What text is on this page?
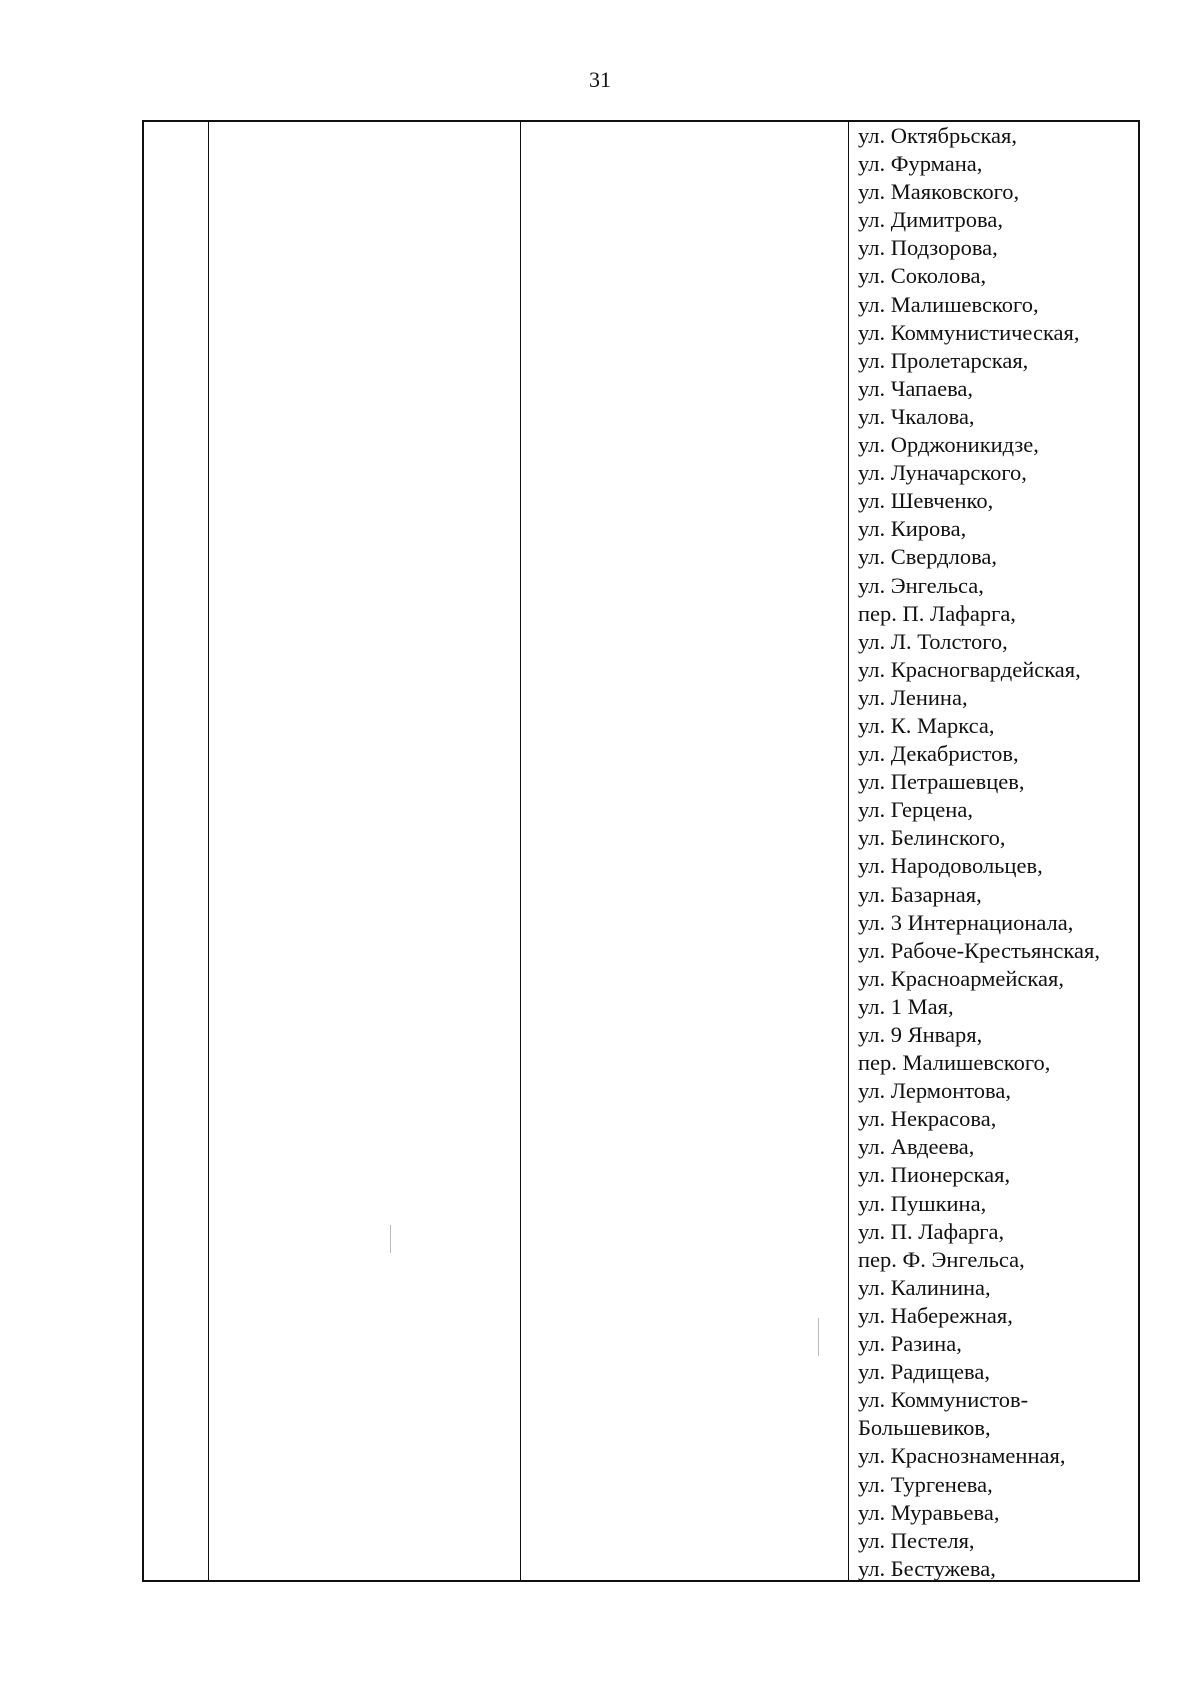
31
ул. Октябрьская,
ул. Фурмана,
ул. Маяковского,
ул. Димитрова,
ул. Подзорова,
ул. Соколова,
ул. Малишевского,
ул. Коммунистическая,
ул. Пролетарская,
ул. Чапаева,
ул. Чкалова,
ул. Орджоникидзе,
ул. Луначарского,
ул. Шевченко,
ул. Кирова,
ул. Свердлова,
ул. Энгельса,
пер. П. Лафарга,
ул. Л. Толстого,
ул. Красногвардейская,
ул. Ленина,
ул. К. Маркса,
ул. Декабристов,
ул. Петрашевцев,
ул. Герцена,
ул. Белинского,
ул. Народовольцев,
ул. Базарная,
ул. 3 Интернационала,
ул. Рабоче-Крестьянская,
ул. Красноармейская,
ул. 1 Мая,
ул. 9 Января,
пер. Малишевского,
ул. Лермонтова,
ул. Некрасова,
ул. Авдеева,
ул. Пионерская,
ул. Пушкина,
ул. П. Лафарга,
пер. Ф. Энгельса,
ул. Калинина,
ул. Набережная,
ул. Разина,
ул. Радищева,
ул. Коммунистов-
Большевиков,
ул. Краснознаменная,
ул. Тургенева,
ул. Муравьева,
ул. Пестеля,
ул. Бестужева,
